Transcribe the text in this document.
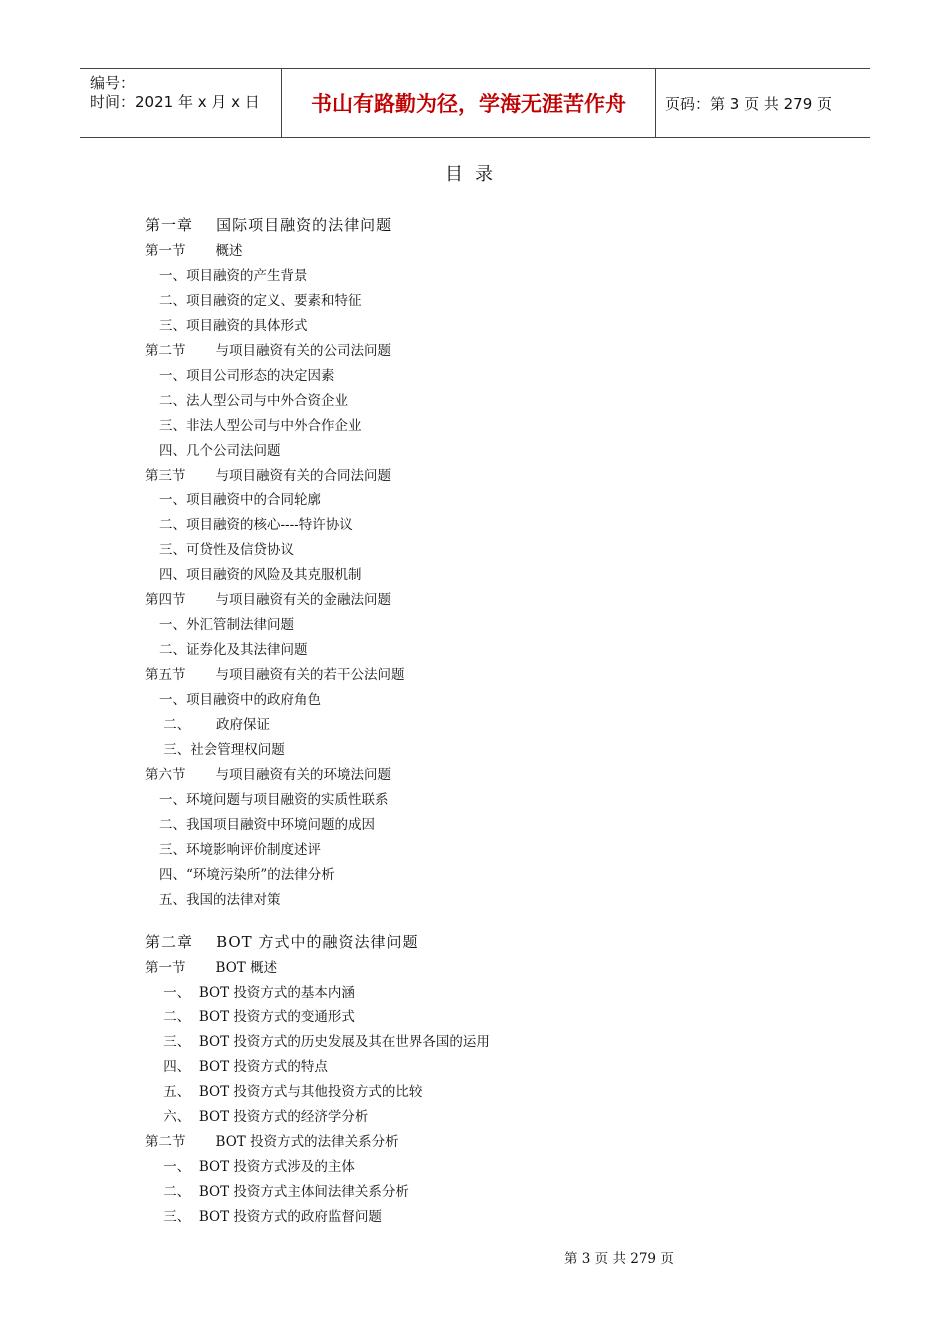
编号：
时间：2021 年 x 月 x 日	书山有路勤为径，学海无涯苦作舟	页码：第 3 页 共 279 页
目录
第一章    国际项目融资的法律问题
第一节       概述
一、项目融资的产生背景
二、项目融资的定义、要素和特征
三、项目融资的具体形式
第二节       与项目融资有关的公司法问题
一、项目公司形态的决定因素
二、法人型公司与中外合资企业
三、非法人型公司与中外合作企业
四、几个公司法问题
第三节       与项目融资有关的合同法问题
一、项目融资中的合同轮廓
二、项目融资的核心----特许协议
三、可贷性及信贷协议
四、项目融资的风险及其克服机制
第四节       与项目融资有关的金融法问题
一、外汇管制法律问题
二、证券化及其法律问题
第五节       与项目融资有关的若干公法问题
一、项目融资中的政府角色
二、      政府保证
三、社会管理权问题
第六节       与项目融资有关的环境法问题
一、环境问题与项目融资的实质性联系
二、我国项目融资中环境问题的成因
三、环境影响评价制度述评
四、“环境污染所”的法律分析
五、我国的法律对策
第二章    BOT 方式中的融资法律问题
第一节       BOT 概述
一、  BOT 投资方式的基本内涵
二、  BOT 投资方式的变通形式
三、  BOT 投资方式的历史发展及其在世界各国的运用
四、  BOT 投资方式的特点
五、  BOT 投资方式与其他投资方式的比较
六、  BOT 投资方式的经济学分析
第二节       BOT 投资方式的法律关系分析
一、  BOT 投资方式涉及的主体
二、  BOT 投资方式主体间法律关系分析
三、  BOT 投资方式的政府监督问题
第 3 页 共 279 页
